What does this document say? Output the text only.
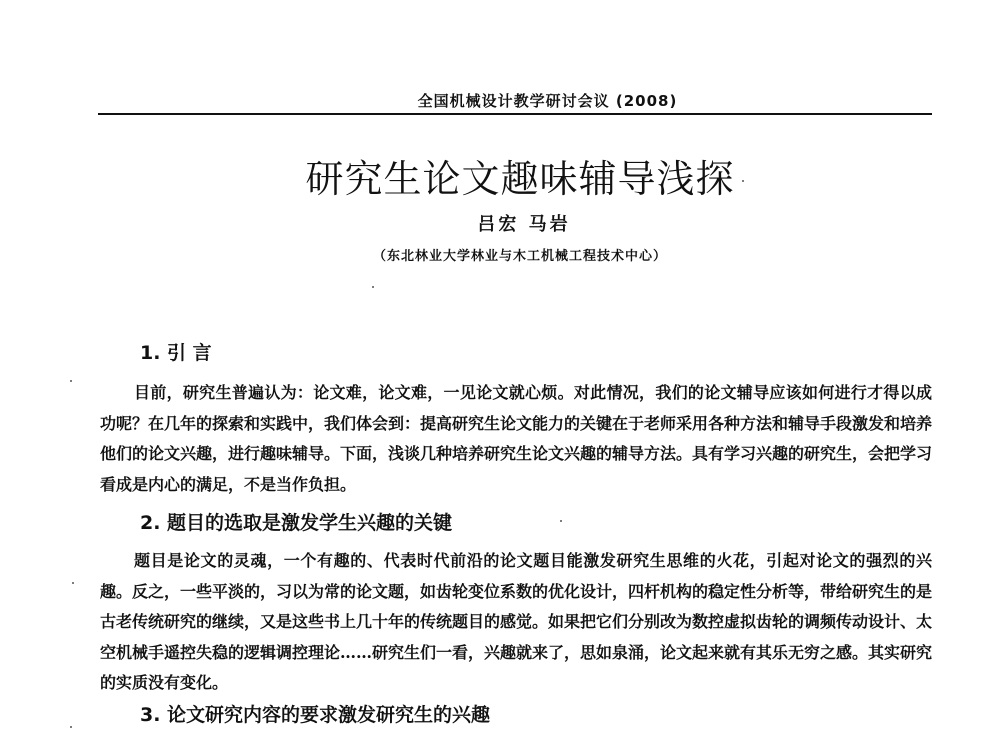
全国机械设计教学研讨会议 (2008)
研究生论文趣味辅导浅探
吕宏 马岩
（东北林业大学林业与木工机械工程技术中心）
1. 引 言

目前，研究生普遍认为：论文难，论文难，一见论文就心烦。对此情况，我们的论文辅导应该如何进行才得以成功呢？在几年的探索和实践中，我们体会到：提高研究生论文能力的关键在于老师采用各种方法和辅导手段激发和培养他们的论文兴趣，进行趣味辅导。下面，浅谈几种培养研究生论文兴趣的辅导方法。具有学习兴趣的研究生，会把学习看成是内心的满足，不是当作负担。

2. 题目的选取是激发学生兴趣的关键

题目是论文的灵魂，一个有趣的、代表时代前沿的论文题目能激发研究生思维的火花，引起对论文的强烈的兴趣。反之，一些平淡的，习以为常的论文题，如齿轮变位系数的优化设计，四杆机构的稳定性分析等，带给研究生的是古老传统研究的继续，又是这些书上几十年的传统题目的感觉。如果把它们分别改为数控虚拟齿轮的调频传动设计、太空机械手遥控失稳的逻辑调控理论……研究生们一看，兴趣就来了，思如泉涌，论文起来就有其乐无穷之感。其实研究的实质没有变化。

3. 论文研究内容的要求激发研究生的兴趣
